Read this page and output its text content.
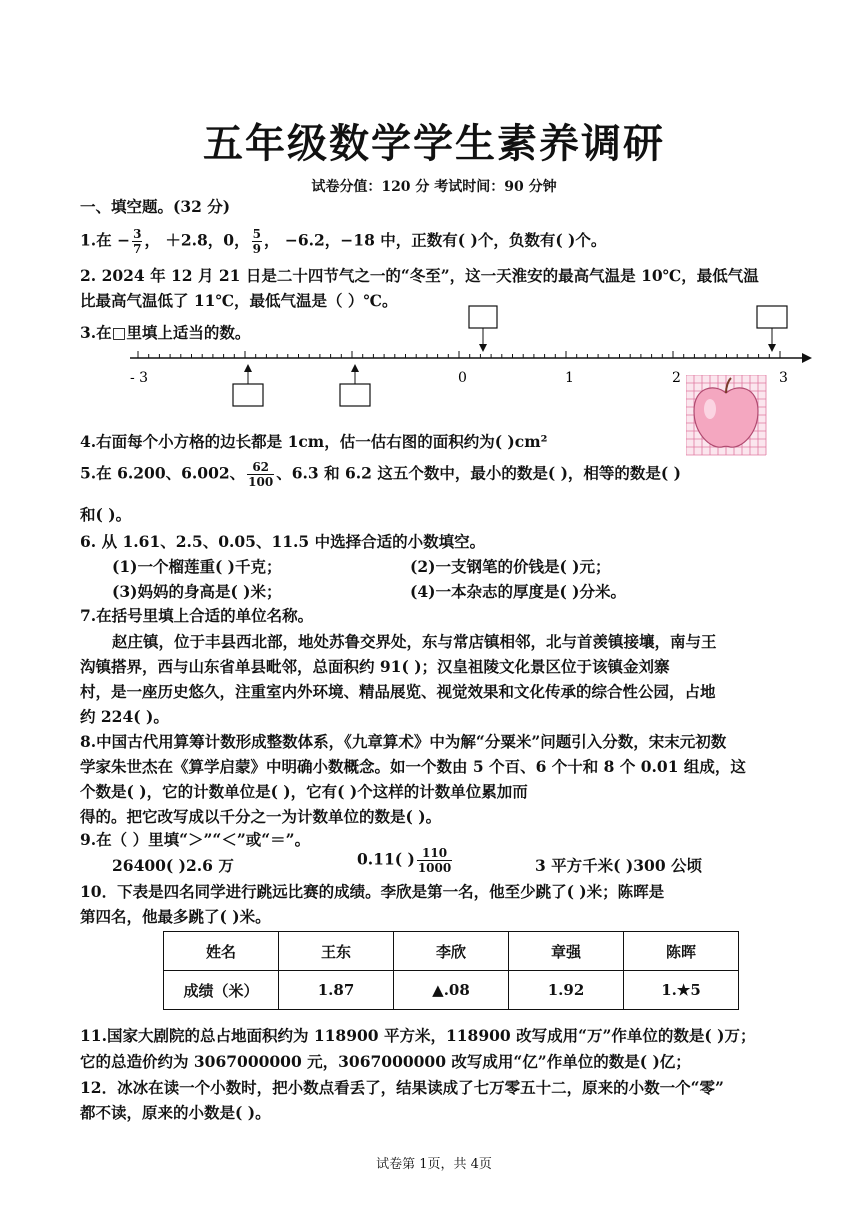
五年级数学学生素养调研
试卷分值：120 分 考试时间：90 分钟
一、填空题。(32 分)
1.在 − $\frac{3}{7}$ ， ＋2.8，0， $\frac{5}{9}$ ， −6.2，−18 中，正数有( )个，负数有( )个。
2. 2024 年 12 月 21 日是二十四节气之一的“冬至”，这一天淮安的最高气温是 10℃，最低气温
比最高气温低了 11℃，最低气温是（ ）℃。
3.在□里填上适当的数。
- 3	0	1	2	3
4.右面每个小方格的边长都是 1cm，估一估右图的面积约为( )cm²
5.在 6.200、6.002、 $\frac{62}{100}$ 、6.3 和 6.2 这五个数中，最小的数是( )，相等的数是( )
和( )。
6. 从 1.61、2.5、0.05、11.5 中选择合适的小数填空。
(1)一个榴莲重( )千克；	(2)一支钢笔的价钱是( )元；
(3)妈妈的身高是( )米；	(4)一本杂志的厚度是( )分米。
7.在括号里填上合适的单位名称。
赵庄镇，位于丰县西北部，地处苏鲁交界处，东与常店镇相邻，北与首羡镇接壤，南与王
沟镇搭界，西与山东省单县毗邻，总面积约 91( )；汉皇祖陵文化景区位于该镇金刘寨
村，是一座历史悠久，注重室内外环境、精品展览、视觉效果和文化传承的综合性公园，占地
约 224( )。
8.中国古代用算筹计数形成整数体系，《九章算术》中为解“分粟米”问题引入分数，宋末元初数
学家朱世杰在《算学启蒙》中明确小数概念。如一个数由 5 个百、6 个十和 8 个 0.01 组成，这
个数是( )，它的计数单位是( )，它有( )个这样的计数单位累加而
得的。把它改写成以千分之一为计数单位的数是( )。
9.在（ ）里填“＞”“＜”或“＝”。
26400( )2.6 万	0.11( ) $\frac{110}{1000}$	3 平方千米( )300 公顷
10．下表是四名同学进行跳远比赛的成绩。李欣是第一名，他至少跳了( )米；陈晖是
第四名，他最多跳了( )米。
姓名	王东	李欣	章强	陈晖
成绩（米）	1.87	▲.08	1.92	1.★5
11.国家大剧院的总占地面积约为 118900 平方米，118900 改写成用“万”作单位的数是( )万；
它的总造价约为 3067000000 元，3067000000 改写成用“亿”作单位的数是( )亿；
12．冰冰在读一个小数时，把小数点看丢了，结果读成了七万零五十二，原来的小数一个“零”
都不读，原来的小数是( )。
试卷第 1页，共 4页
